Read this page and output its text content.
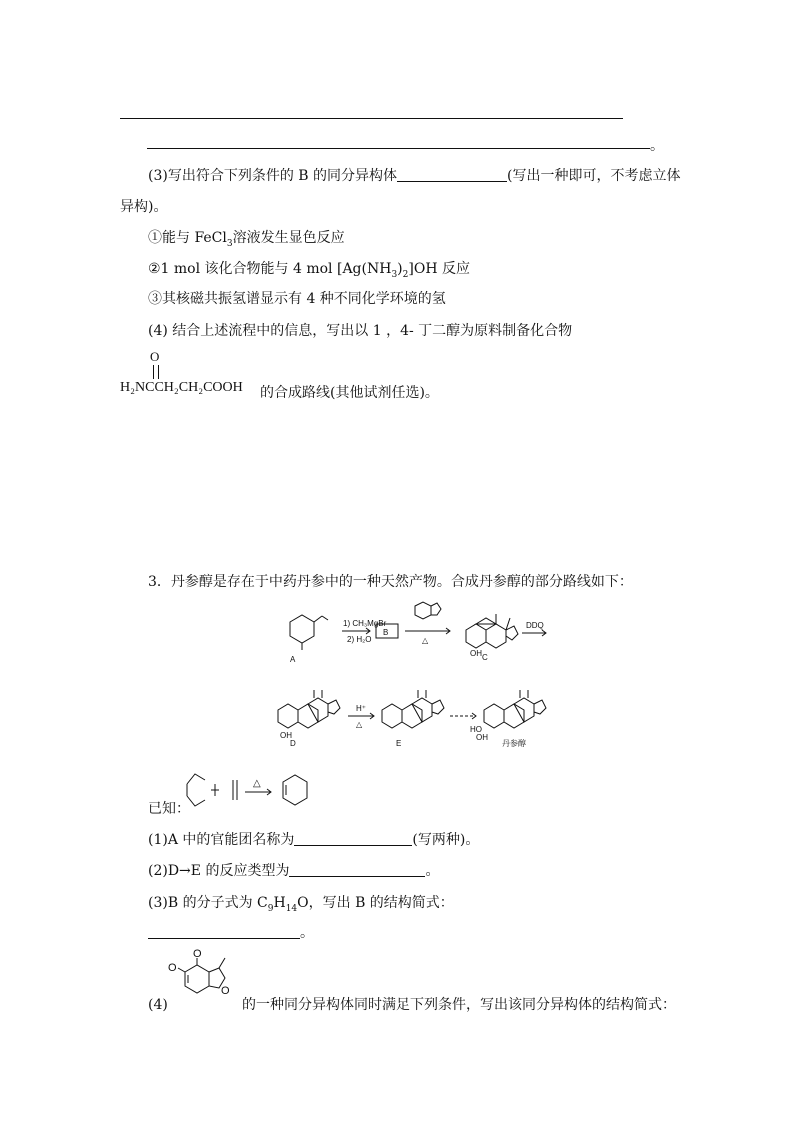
。
(3)写出符合下列条件的 B 的同分异构体	(写出一种即可，不考虑立体
异构)。
①能与 FeCl$_3$溶液发生显色反应
②1 mol 该化合物能与 4 mol $[Ag(NH_3)_2]OH$ 反应
③其核磁共振氢谱显示有 4 种不同化学环境的氢
(4) 结合上述流程中的信息，写出以 1 ，4- 丁二醇为原料制备化合物
O
H₂NCCH₂CH₂COOH 的合成路线(其他试剂任选)。
3．丹参醇是存在于中药丹参中的一种天然产物。合成丹参醇的部分路线如下：
A
1) CH₃MgBr
2) H₂O
B
△
C
OH
DDQ
D
OH
H⁺
△
E
HO
OH
丹参醇
△
已知：
(1)A 中的官能团名称为	(写两种)。
(2)D→E 的反应类型为	。
(3)B 的分子式为 $C_9H_{14}O$，写出 B 的结构简式：
。
O
O
O
(4)	的一种同分异构体同时满足下列条件，写出该同分异构体的结构简式：
